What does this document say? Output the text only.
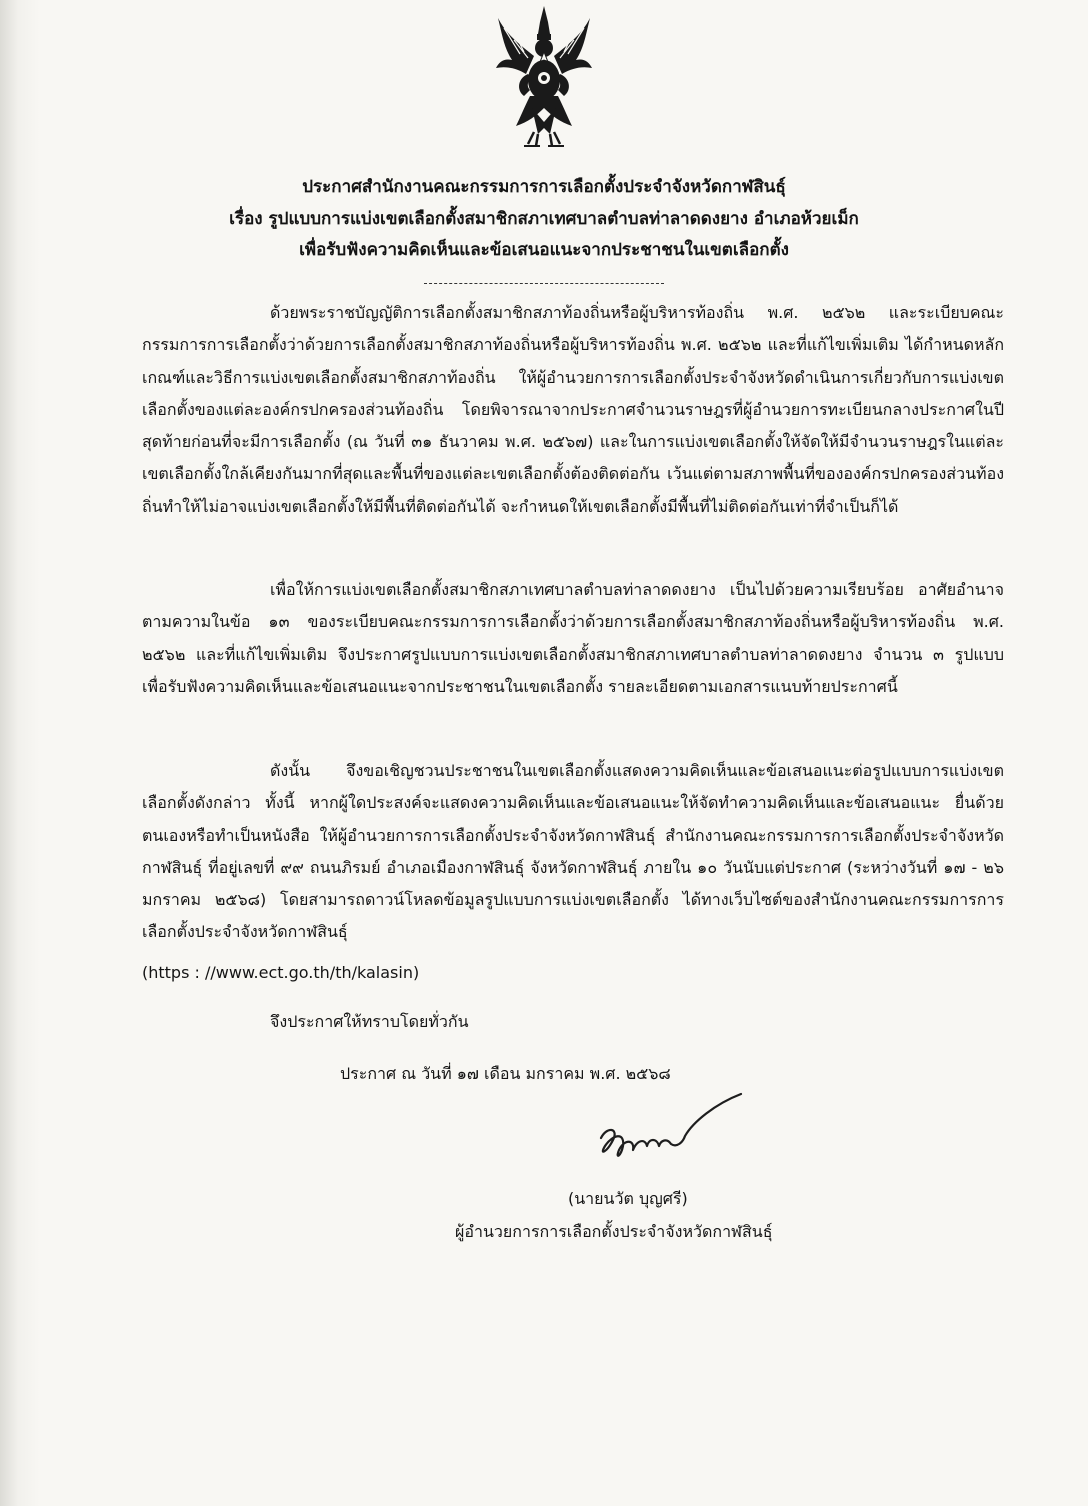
ประกาศสำนักงานคณะกรรมการการเลือกตั้งประจำจังหวัดกาฬสินธุ์
เรื่อง รูปแบบการแบ่งเขตเลือกตั้งสมาชิกสภาเทศบาลตำบลท่าลาดดงยาง อำเภอห้วยเม็ก
เพื่อรับฟังความคิดเห็นและข้อเสนอแนะจากประชาชนในเขตเลือกตั้ง

ด้วยพระราชบัญญัติการเลือกตั้งสมาชิกสภาท้องถิ่นหรือผู้บริหารท้องถิ่น พ.ศ. ๒๕๖๒ และระเบียบคณะกรรมการการเลือกตั้งว่าด้วยการเลือกตั้งสมาชิกสภาท้องถิ่นหรือผู้บริหารท้องถิ่น พ.ศ. ๒๕๖๒ และที่แก้ไขเพิ่มเติม ได้กำหนดหลักเกณฑ์และวิธีการแบ่งเขตเลือกตั้งสมาชิกสภาท้องถิ่น ให้ผู้อำนวยการการเลือกตั้งประจำจังหวัดดำเนินการเกี่ยวกับการแบ่งเขตเลือกตั้งของแต่ละองค์กรปกครองส่วนท้องถิ่น โดยพิจารณาจากประกาศจำนวนราษฎรที่ผู้อำนวยการทะเบียนกลางประกาศในปีสุดท้ายก่อนที่จะมีการเลือกตั้ง (ณ วันที่ ๓๑ ธันวาคม พ.ศ. ๒๕๖๗) และในการแบ่งเขตเลือกตั้งให้จัดให้มีจำนวนราษฎรในแต่ละเขตเลือกตั้งใกล้เคียงกันมากที่สุดและพื้นที่ของแต่ละเขตเลือกตั้งต้องติดต่อกัน เว้นแต่ตามสภาพพื้นที่ขององค์กรปกครองส่วนท้องถิ่นทำให้ไม่อาจแบ่งเขตเลือกตั้งให้มีพื้นที่ติดต่อกันได้ จะกำหนดให้เขตเลือกตั้งมีพื้นที่ไม่ติดต่อกันเท่าที่จำเป็นก็ได้

เพื่อให้การแบ่งเขตเลือกตั้งสมาชิกสภาเทศบาลตำบลท่าลาดดงยาง เป็นไปด้วยความเรียบร้อย อาศัยอำนาจตามความในข้อ ๑๓ ของระเบียบคณะกรรมการการเลือกตั้งว่าด้วยการเลือกตั้งสมาชิกสภาท้องถิ่นหรือผู้บริหารท้องถิ่น พ.ศ. ๒๕๖๒ และที่แก้ไขเพิ่มเติม จึงประกาศรูปแบบการแบ่งเขตเลือกตั้งสมาชิกสภาเทศบาลตำบลท่าลาดดงยาง จำนวน ๓ รูปแบบ เพื่อรับฟังความคิดเห็นและข้อเสนอแนะจากประชาชนในเขตเลือกตั้ง รายละเอียดตามเอกสารแนบท้ายประกาศนี้

ดังนั้น จึงขอเชิญชวนประชาชนในเขตเลือกตั้งแสดงความคิดเห็นและข้อเสนอแนะต่อรูปแบบการแบ่งเขตเลือกตั้งดังกล่าว ทั้งนี้ หากผู้ใดประสงค์จะแสดงความคิดเห็นและข้อเสนอแนะให้จัดทำความคิดเห็นและข้อเสนอแนะ ยื่นด้วยตนเองหรือทำเป็นหนังสือ ให้ผู้อำนวยการการเลือกตั้งประจำจังหวัดกาฬสินธุ์ สำนักงานคณะกรรมการการเลือกตั้งประจำจังหวัดกาฬสินธุ์ ที่อยู่เลขที่ ๙๙ ถนนภิรมย์ อำเภอเมืองกาฬสินธุ์ จังหวัดกาฬสินธุ์ ภายใน ๑๐ วันนับแต่ประกาศ (ระหว่างวันที่ ๑๗ - ๒๖ มกราคม ๒๕๖๘) โดยสามารถดาวน์โหลดข้อมูลรูปแบบการแบ่งเขตเลือกตั้ง ได้ทางเว็บไซต์ของสำนักงานคณะกรรมการการเลือกตั้งประจำจังหวัดกาฬสินธุ์

(https : //www.ect.go.th/th/kalasin)
จึงประกาศให้ทราบโดยทั่วกัน
ประกาศ ณ วันที่ ๑๗ เดือน มกราคม พ.ศ. ๒๕๖๘
(นายนวัต บุญศรี)
ผู้อำนวยการการเลือกตั้งประจำจังหวัดกาฬสินธุ์
